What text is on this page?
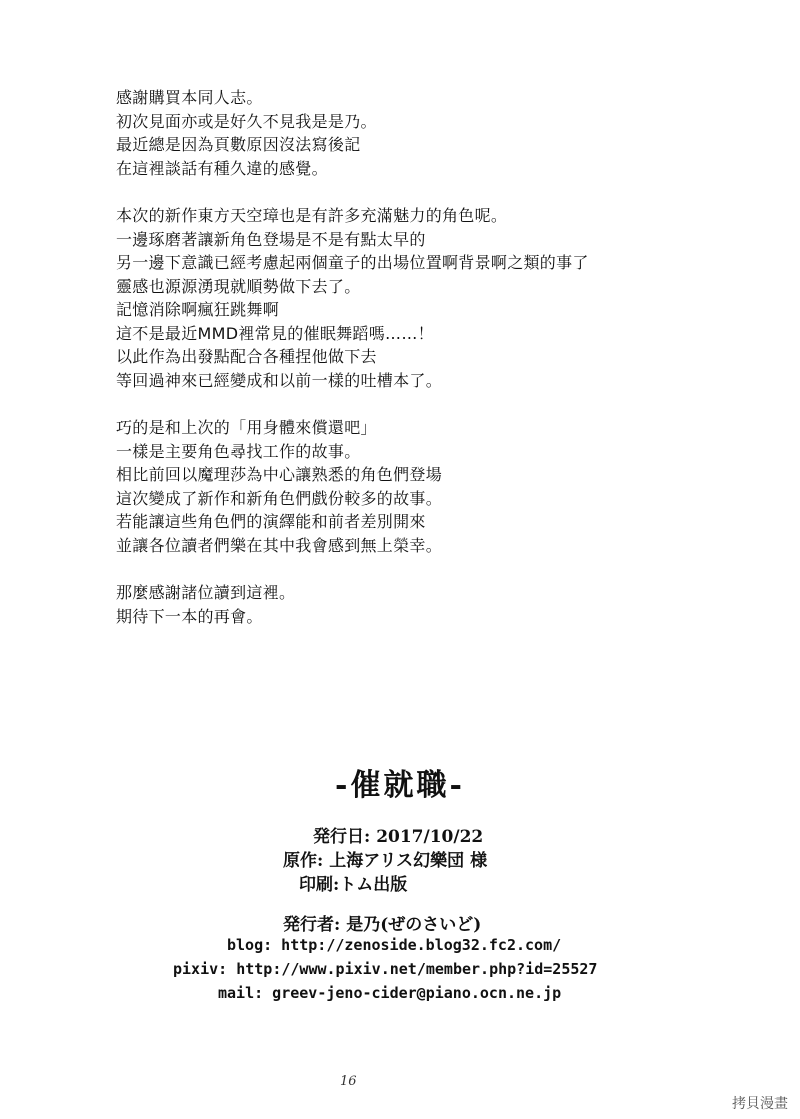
感謝購買本同人志。
初次見面亦或是好久不見我是是乃。
最近總是因為頁數原因沒法寫後記
在這裡談話有種久違的感覺。

本次的新作東方天空璋也是有許多充滿魅力的角色呢。
一邊琢磨著讓新角色登場是不是有點太早的
另一邊下意識已經考慮起兩個童子的出場位置啊背景啊之類的事了
靈感也源源湧現就順勢做下去了。
記憶消除啊瘋狂跳舞啊
這不是最近MMD裡常見的催眠舞蹈嗎……！
以此作為出發點配合各種捏他做下去
等回過神來已經變成和以前一樣的吐槽本了。

巧的是和上次的「用身體來償還吧」
一樣是主要角色尋找工作的故事。
相比前回以魔理莎為中心讓熟悉的角色們登場
這次變成了新作和新角色們戲份較多的故事。
若能讓這些角色們的演繹能和前者差別開來
並讓各位讀者們樂在其中我會感到無上榮幸。

那麼感謝諸位讀到這裡。
期待下一本的再會。

-催就職-
発行日: 2017/10/22
原作: 上海アリス幻樂団 様
印刷:トム出版
発行者: 是乃(ぜのさいど)
blog: http://zenoside.blog32.fc2.com/
pixiv: http://www.pixiv.net/member.php?id=25527
mail: greev-jeno-cider@piano.ocn.ne.jp
16
拷貝漫畫
